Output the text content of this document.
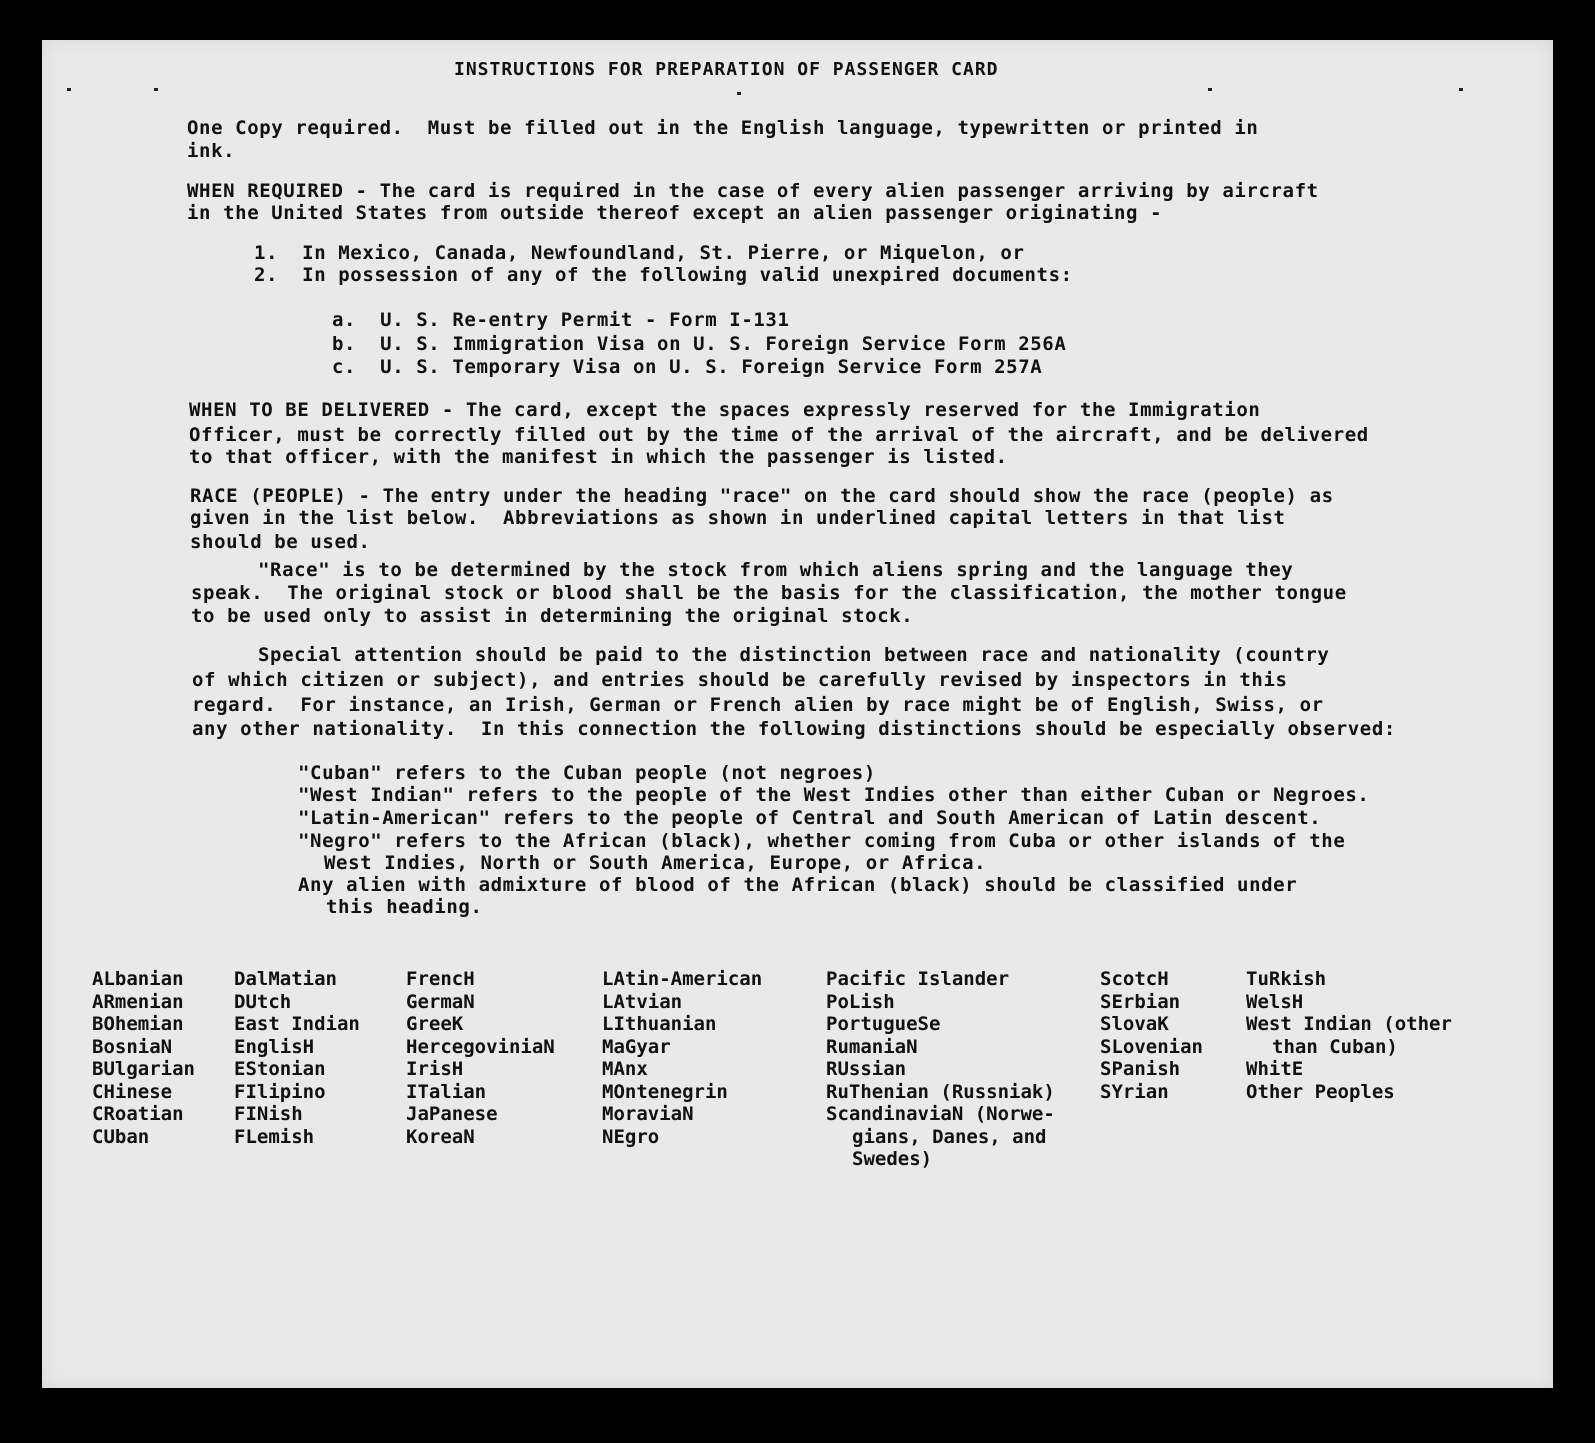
INSTRUCTIONS FOR PREPARATION OF PASSENGER CARD
One Copy required.  Must be filled out in the English language, typewritten or printed in
ink.
WHEN REQUIRED - The card is required in the case of every alien passenger arriving by aircraft
in the United States from outside thereof except an alien passenger originating -
1.  In Mexico, Canada, Newfoundland, St. Pierre, or Miquelon, or
2.  In possession of any of the following valid unexpired documents:
a.  U. S. Re-entry Permit - Form I-131
b.  U. S. Immigration Visa on U. S. Foreign Service Form 256A
c.  U. S. Temporary Visa on U. S. Foreign Service Form 257A
WHEN TO BE DELIVERED - The card, except the spaces expressly reserved for the Immigration
Officer, must be correctly filled out by the time of the arrival of the aircraft, and be delivered
to that officer, with the manifest in which the passenger is listed.
RACE (PEOPLE) - The entry under the heading "race" on the card should show the race (people) as
given in the list below.  Abbreviations as shown in underlined capital letters in that list
should be used.
"Race" is to be determined by the stock from which aliens spring and the language they
speak.  The original stock or blood shall be the basis for the classification, the mother tongue
to be used only to assist in determining the original stock.
Special attention should be paid to the distinction between race and nationality (country
of which citizen or subject), and entries should be carefully revised by inspectors in this
regard.  For instance, an Irish, German or French alien by race might be of English, Swiss, or
any other nationality.  In this connection the following distinctions should be especially observed:
"Cuban" refers to the Cuban people (not negroes)
"West Indian" refers to the people of the West Indies other than either Cuban or Negroes.
"Latin-American" refers to the people of Central and South American of Latin descent.
"Negro" refers to the African (black), whether coming from Cuba or other islands of the
West Indies, North or South America, Europe, or Africa.
Any alien with admixture of blood of the African (black) should be classified under
this heading.
ALbanian
ARmenian
BOhemian
BosniaN
BUlgarian
CHinese
CRoatian
CUban
DalMatian
DUtch
East Indian
EnglisH
EStonian
FIlipino
FINish
FLemish
FrencH
GermaN
GreeK
HercegoviniaN
IrisH
ITalian
JaPanese
KoreaN
LAtin-American
LAtvian
LIthuanian
MaGyar
MAnx
MOntenegrin
MoraviaN
NEgro
Pacific Islander
PoLish
PortugueSe
RumaniaN
RUssian
RuThenian (Russniak)
ScandinaviaN (Norwe-
gians, Danes, and
Swedes)
ScotcH
SErbian
SlovaK
SLovenian
SPanish
SYrian
TuRkish
WelsH
West Indian (other
than Cuban)
WhitE
Other Peoples
